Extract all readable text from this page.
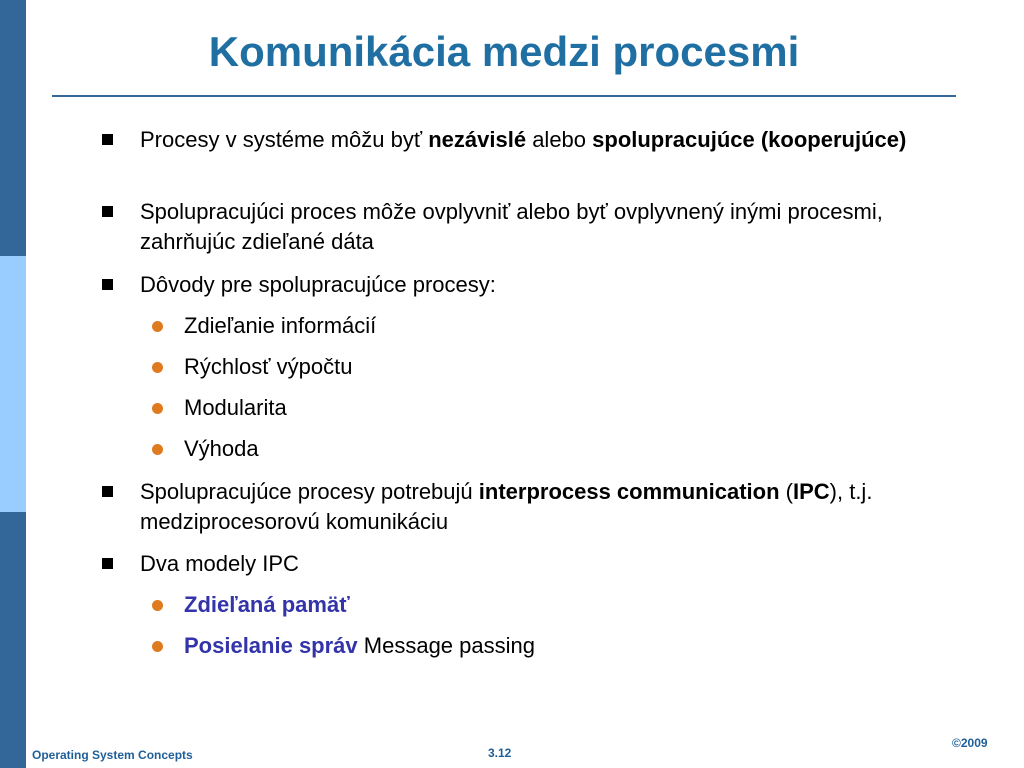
Komunikácia medzi procesmi
Procesy v systéme môžu byť nezávislé alebo spolupracujúce (kooperujúce)
Spolupracujúci proces môže ovplyvniť alebo byť ovplyvnený inými procesmi, zahrňujúc zdieľané dáta
Dôvody pre spolupracujúce procesy:
Zdieľanie informácií
Rýchlosť výpočtu
Modularita
Výhoda
Spolupracujúce procesy potrebujú interprocess communication (IPC), t.j. medziprocesorovú komunikáciu
Dva modely IPC
Zdieľaná pamäť
Posielanie správ Message passing
Operating System Concepts	3.12
©2009
